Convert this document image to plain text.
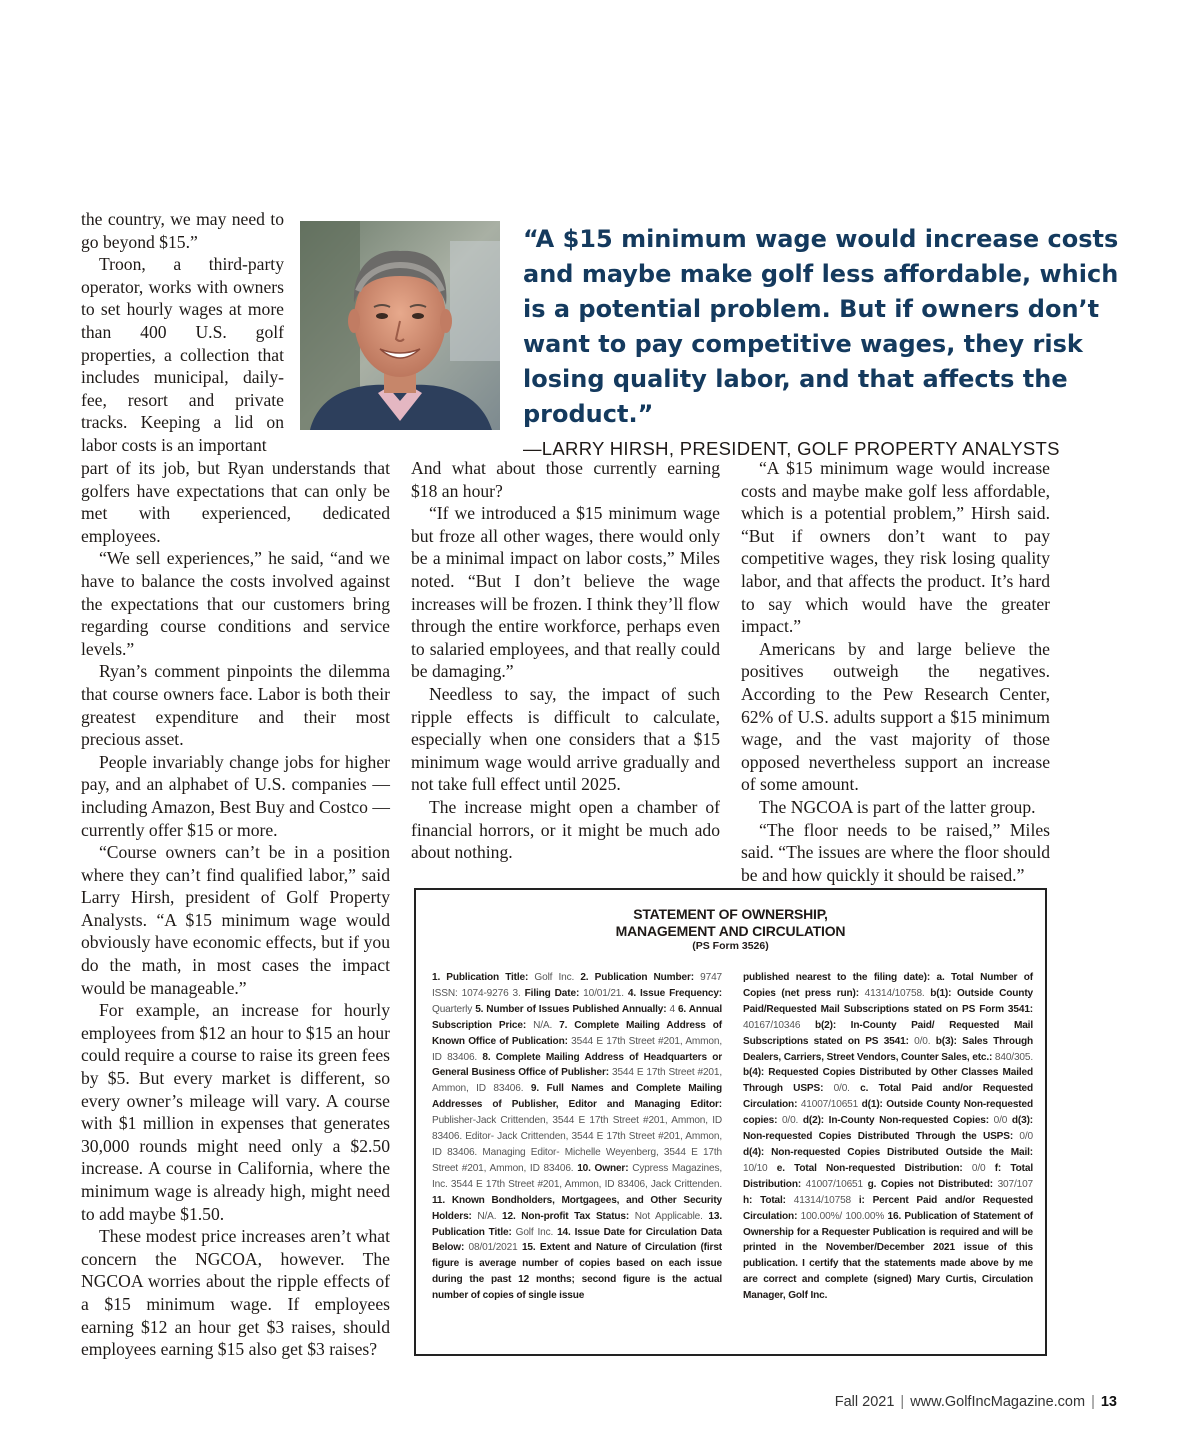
the country, we may need to go beyond $15.”

Troon, a third-party operator, works with owners to set hourly wages at more than 400 U.S. golf properties, a collection that includes municipal, daily-fee, resort and private tracks. Keeping a lid on labor costs is an important

“A $15 minimum wage would increase costs and maybe make golf less affordable, which is a potential problem. But if owners don’t want to pay competitive wages, they risk losing quality labor, and that affects the product.”

—LARRY HIRSH, PRESIDENT, GOLF PROPERTY ANALYSTS

part of its job, but Ryan understands that golfers have expectations that can only be met with experienced, dedicated employees.

“We sell experiences,” he said, “and we have to balance the costs involved against the expectations that our customers bring regarding course conditions and service levels.”

Ryan’s comment pinpoints the dilemma that course owners face. Labor is both their greatest expenditure and their most precious asset.

People invariably change jobs for higher pay, and an alphabet of U.S. companies — including Amazon, Best Buy and Costco — currently offer $15 or more.

“Course owners can’t be in a position where they can’t find qualified labor,” said Larry Hirsh, president of Golf Property Analysts. “A $15 minimum wage would obviously have economic effects, but if you do the math, in most cases the impact would be manageable.”

For example, an increase for hourly employees from $12 an hour to $15 an hour could require a course to raise its green fees by $5. But every market is different, so every owner’s mileage will vary. A course with $1 million in expenses that generates 30,000 rounds might need only a $2.50 increase. A course in California, where the minimum wage is already high, might need to add maybe $1.50.

These modest price increases aren’t what concern the NGCOA, however. The NGCOA worries about the ripple effects of a $15 minimum wage. If employees earning $12 an hour get $3 raises, should employees earning $15 also get $3 raises?

And what about those currently earning $18 an hour?

“If we introduced a $15 minimum wage but froze all other wages, there would only be a minimal impact on labor costs,” Miles noted. “But I don’t believe the wage increases will be frozen. I think they’ll flow through the entire workforce, perhaps even to salaried employees, and that really could be damaging.”

Needless to say, the impact of such ripple effects is difficult to calculate, especially when one considers that a $15 minimum wage would arrive gradually and not take full effect until 2025.

The increase might open a chamber of financial horrors, or it might be much ado about nothing.

“A $15 minimum wage would increase costs and maybe make golf less affordable, which is a potential problem,” Hirsh said. “But if owners don’t want to pay competitive wages, they risk losing quality labor, and that affects the product. It’s hard to say which would have the greater impact.”

Americans by and large believe the positives outweigh the negatives. According to the Pew Research Center, 62% of U.S. adults support a $15 minimum wage, and the vast majority of those opposed nevertheless support an increase of some amount.

The NGCOA is part of the latter group.

“The floor needs to be raised,” Miles said. “The issues are where the floor should be and how quickly it should be raised.”

STATEMENT OF OWNERSHIP,
MANAGEMENT AND CIRCULATION
(PS Form 3526)
1. Publication Title: Golf Inc. 2. Publication Number: 9747 ISSN: 1074-9276 3. Filing Date: 10/01/21. 4. Issue Frequency: Quarterly 5. Number of Issues Published Annually: 4 6. Annual Subscription Price: N/A. 7. Complete Mailing Address of Known Office of Publication: 3544 E 17th Street #201, Ammon, ID 83406. 8. Complete Mailing Address of Headquarters or General Business Office of Publisher: 3544 E 17th Street #201, Ammon, ID 83406. 9. Full Names and Complete Mailing Addresses of Publisher, Editor and Managing Editor: Publisher-Jack Crittenden, 3544 E 17th Street #201, Ammon, ID 83406. Editor- Jack Crittenden, 3544 E 17th Street #201, Ammon, ID 83406. Managing Editor- Michelle Weyenberg, 3544 E 17th Street #201, Ammon, ID 83406. 10. Owner: Cypress Magazines, Inc. 3544 E 17th Street #201, Ammon, ID 83406, Jack Crittenden. 11. Known Bondholders, Mortgagees, and Other Security Holders: N/A. 12. Non-profit Tax Status: Not Applicable. 13. Publication Title: Golf Inc. 14. Issue Date for Circulation Data Below: 08/01/2021 15. Extent and Nature of Circulation (first figure is average number of copies based on each issue during the past 12 months; second figure is the actual number of copies of single issue
published nearest to the filing date): a. Total Number of Copies (net press run): 41314/10758. b(1): Outside County Paid/Requested Mail Subscriptions stated on PS Form 3541: 40167/10346 b(2): In-County Paid/ Requested Mail Subscriptions stated on PS 3541: 0/0. b(3): Sales Through Dealers, Carriers, Street Vendors, Counter Sales, etc.: 840/305. b(4): Requested Copies Distributed by Other Classes Mailed Through USPS: 0/0. c. Total Paid and/or Requested Circulation: 41007/10651 d(1): Outside County Non-requested copies: 0/0. d(2): In-County Non-requested Copies: 0/0 d(3): Non-requested Copies Distributed Through the USPS: 0/0 d(4): Non-requested Copies Distributed Outside the Mail: 10/10 e. Total Non-requested Distribution: 0/0 f: Total Distribution: 41007/10651 g. Copies not Distributed: 307/107 h: Total: 41314/10758 i: Percent Paid and/or Requested Circulation: 100.00%/ 100.00% 16. Publication of Statement of Ownership for a Requester Publication is required and will be printed in the November/December 2021 issue of this publication. I certify that the statements made above by me are correct and complete (signed) Mary Curtis, Circulation Manager, Golf Inc.
Fall 2021 | www.GolfIncMagazine.com | 13
